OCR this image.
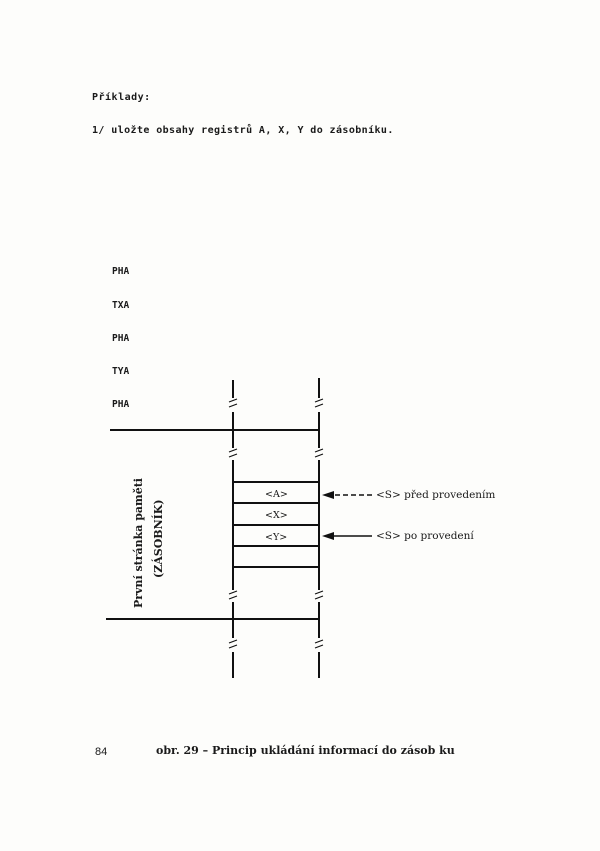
Příklady:
1/ uložte obsahy registrů A, X, Y do zásobníku.
PHA
TXA
PHA
TYA
PHA
<A>
<X>
<Y>
<S> před provedením
<S> po provedení
První stránka paměti (ZÁSOBNÍK)
84	obr. 29 – Princip ukládání informací do zásob ku
